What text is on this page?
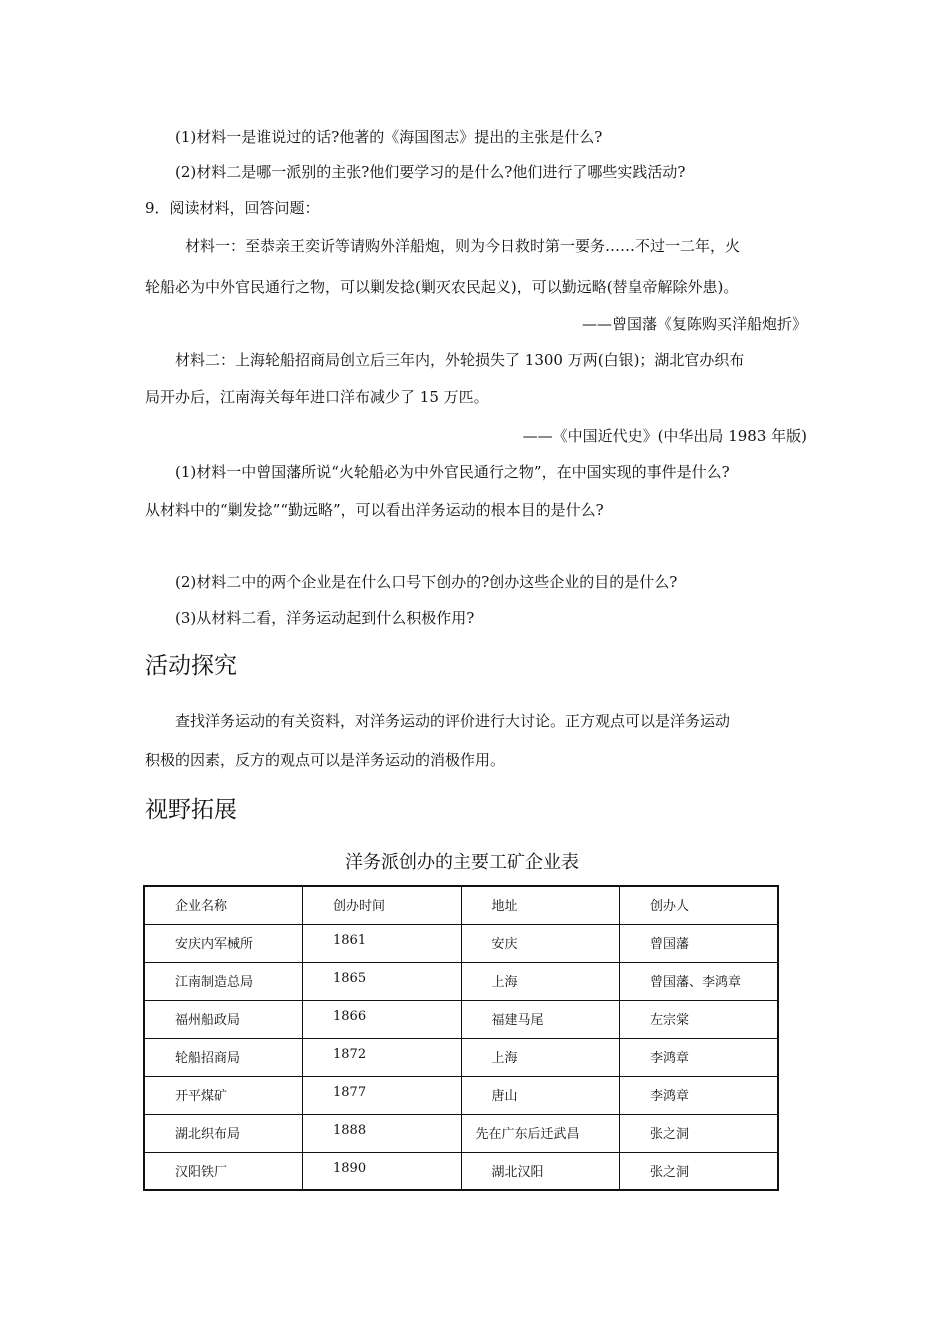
(1)材料一是谁说过的话?他著的《海国图志》提出的主张是什么?
(2)材料二是哪一派别的主张?他们要学习的是什么?他们进行了哪些实践活动?
9．阅读材料，回答问题：
材料一：至恭亲王奕䜣等请购外洋船炮，则为今日救时第一要务……不过一二年，火
轮船必为中外官民通行之物，可以剿发捻(剿灭农民起义)，可以勤远略(替皇帝解除外患)。
——曾国藩《复陈购买洋船炮折》
材料二：上海轮船招商局创立后三年内，外轮损失了 1300 万两(白银)；湖北官办织布
局开办后，江南海关每年进口洋布减少了 15 万匹。
——《中国近代史》(中华出局 1983 年版)
(1)材料一中曾国藩所说“火轮船必为中外官民通行之物”，在中国实现的事件是什么?
从材料中的“剿发捻”“勤远略”，可以看出洋务运动的根本目的是什么?
(2)材料二中的两个企业是在什么口号下创办的?创办这些企业的目的是什么?
(3)从材料二看，洋务运动起到什么积极作用?
活动探究
查找洋务运动的有关资料，对洋务运动的评价进行大讨论。正方观点可以是洋务运动
积极的因素，反方的观点可以是洋务运动的消极作用。
视野拓展
洋务派创办的主要工矿企业表
企业名称	创办时间	地址	创办人
安庆内军械所	1861	安庆	曾国藩
江南制造总局	1865	上海	曾国藩、李鸿章
福州船政局	1866	福建马尾	左宗棠
轮船招商局	1872	上海	李鸿章
开平煤矿	1877	唐山	李鸿章
湖北织布局	1888	先在广东后迁武昌	张之洞
汉阳铁厂	1890	湖北汉阳	张之洞
